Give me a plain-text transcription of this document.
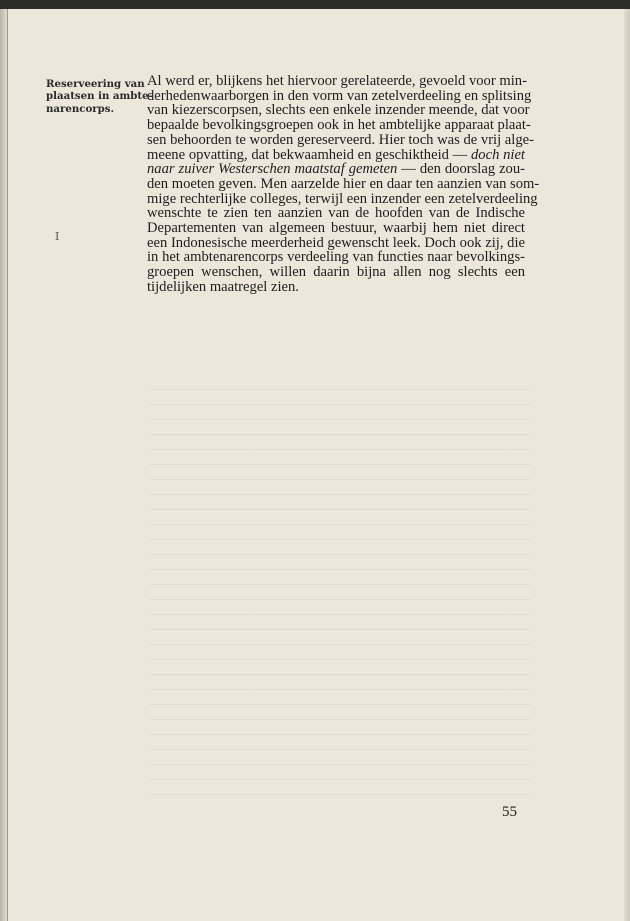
Reserveering van
plaatsen in ambte-
narencorps.
I
Al werd er, blijkens het hiervoor gerelateerde, gevoeld voor min-
derhedenwaarborgen in den vorm van zetelverdeeling en splitsing
van kiezerscorpsen, slechts een enkele inzender meende, dat voor
bepaalde bevolkingsgroepen ook in het ambtelijke apparaat plaat-
sen behoorden te worden gereserveerd. Hier toch was de vrij alge-
meene opvatting, dat bekwaamheid en geschiktheid — doch niet
naar zuiver Westerschen maatstaf gemeten — den doorslag zou-
den moeten geven. Men aarzelde hier en daar ten aanzien van som-
mige rechterlijke colleges, terwijl een inzender een zetelverdeeling
wenschte te zien ten aanzien van de hoofden van de Indische
Departementen van algemeen bestuur, waarbij hem niet direct
een Indonesische meerderheid gewenscht leek. Doch ook zij, die
in het ambtenarencorps verdeeling van functies naar bevolkings-
groepen wenschen, willen daarin bijna allen nog slechts een
tijdelijken maatregel zien.
55
